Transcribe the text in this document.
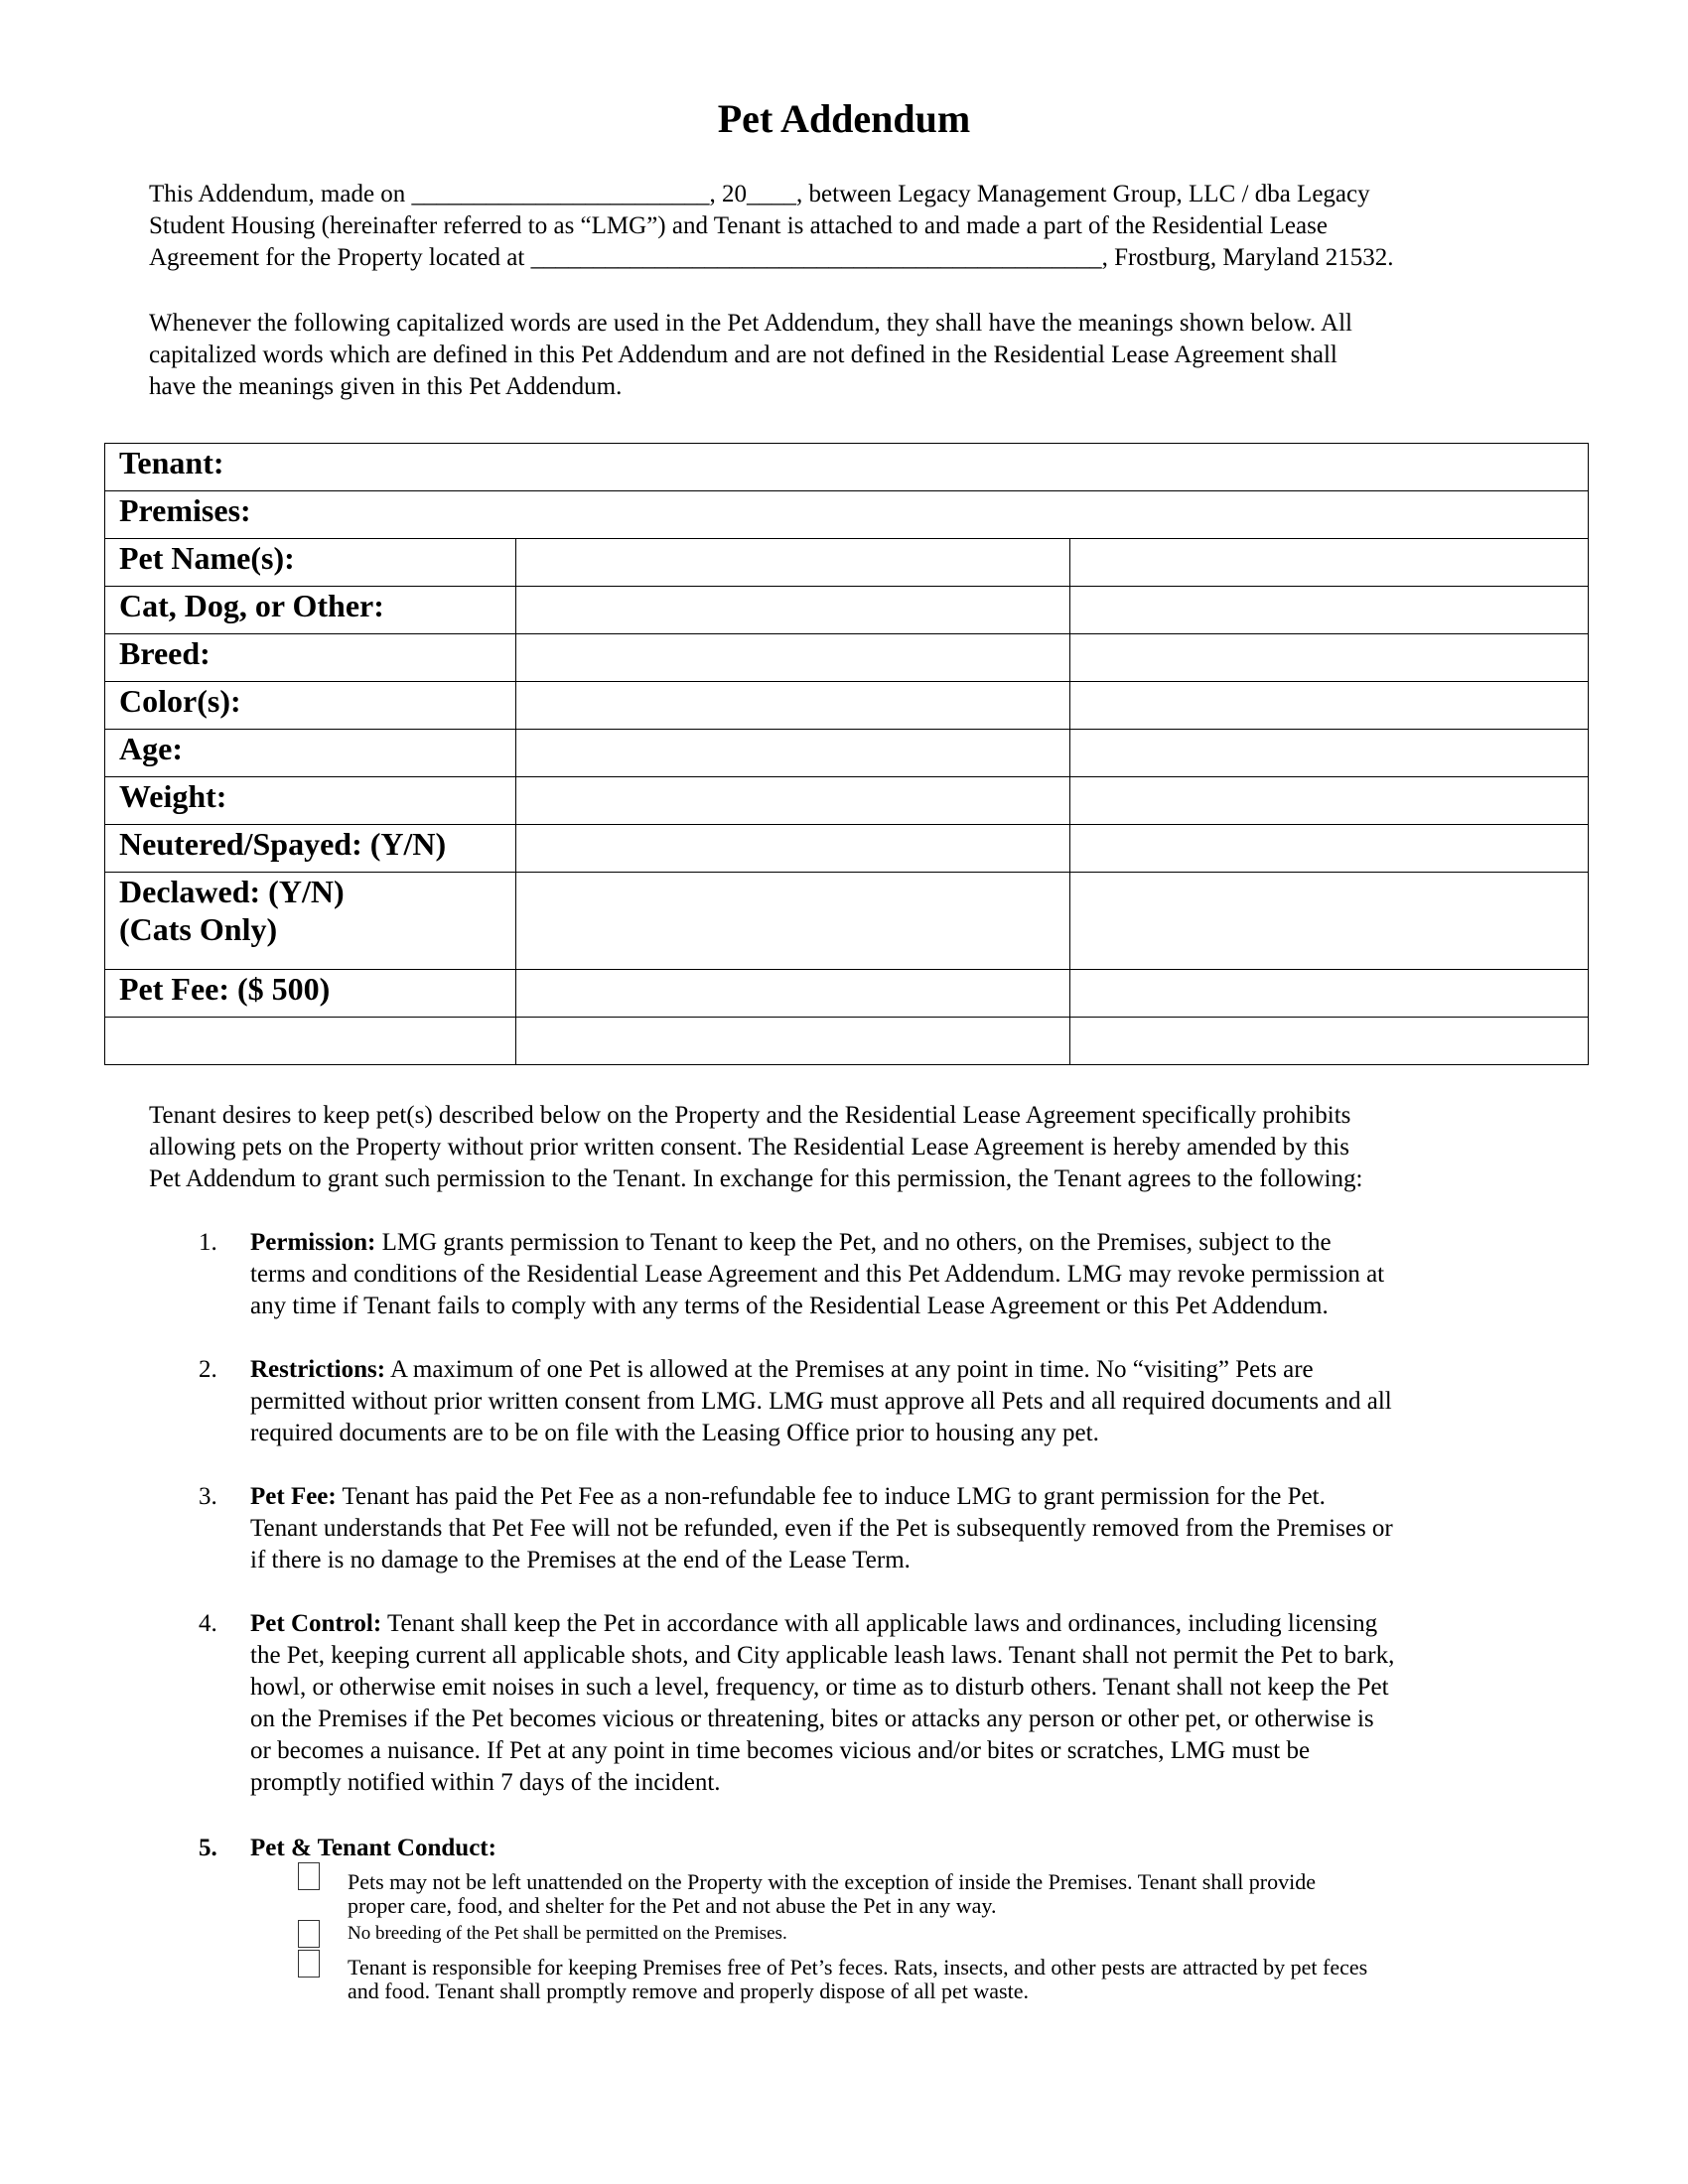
Pet Addendum
This Addendum, made on ________________________, 20____, between Legacy Management Group, LLC / dba Legacy
Student Housing (hereinafter referred to as “LMG”) and Tenant is attached to and made a part of the Residential Lease
Agreement for the Property located at ______________________________________________, Frostburg, Maryland 21532.
Whenever the following capitalized words are used in the Pet Addendum, they shall have the meanings shown below. All
capitalized words which are defined in this Pet Addendum and are not defined in the Residential Lease Agreement shall
have the meanings given in this Pet Addendum.
Tenant:		
Premises:		
Pet Name(s):		
Cat, Dog, or Other:		
Breed:		
Color(s):		
Age:		
Weight:		
Neutered/Spayed: (Y/N)		

Declawed: (Y/N)
(Cats Only)		

Pet Fee: ($ 500)		

Tenant desires to keep pet(s) described below on the Property and the Residential Lease Agreement specifically prohibits
allowing pets on the Property without prior written consent. The Residential Lease Agreement is hereby amended by this
Pet Addendum to grant such permission to the Tenant. In exchange for this permission, the Tenant agrees to the following:
1. Permission: LMG grants permission to Tenant to keep the Pet, and no others, on the Premises, subject to the
terms and conditions of the Residential Lease Agreement and this Pet Addendum. LMG may revoke permission at
any time if Tenant fails to comply with any terms of the Residential Lease Agreement or this Pet Addendum.
2. Restrictions: A maximum of one Pet is allowed at the Premises at any point in time. No “visiting” Pets are
permitted without prior written consent from LMG. LMG must approve all Pets and all required documents and all
required documents are to be on file with the Leasing Office prior to housing any pet.
3. Pet Fee: Tenant has paid the Pet Fee as a non-refundable fee to induce LMG to grant permission for the Pet.
Tenant understands that Pet Fee will not be refunded, even if the Pet is subsequently removed from the Premises or
if there is no damage to the Premises at the end of the Lease Term.
4. Pet Control: Tenant shall keep the Pet in accordance with all applicable laws and ordinances, including licensing
the Pet, keeping current all applicable shots, and City applicable leash laws. Tenant shall not permit the Pet to bark,
howl, or otherwise emit noises in such a level, frequency, or time as to disturb others. Tenant shall not keep the Pet
on the Premises if the Pet becomes vicious or threatening, bites or attacks any person or other pet, or otherwise is
or becomes a nuisance. If Pet at any point in time becomes vicious and/or bites or scratches, LMG must be
promptly notified within 7 days of the incident.
5. Pet & Tenant Conduct:
Pets may not be left unattended on the Property with the exception of inside the Premises. Tenant shall provide
proper care, food, and shelter for the Pet and not abuse the Pet in any way.
No breeding of the Pet shall be permitted on the Premises.
Tenant is responsible for keeping Premises free of Pet’s feces. Rats, insects, and other pests are attracted by pet feces
and food. Tenant shall promptly remove and properly dispose of all pet waste.
